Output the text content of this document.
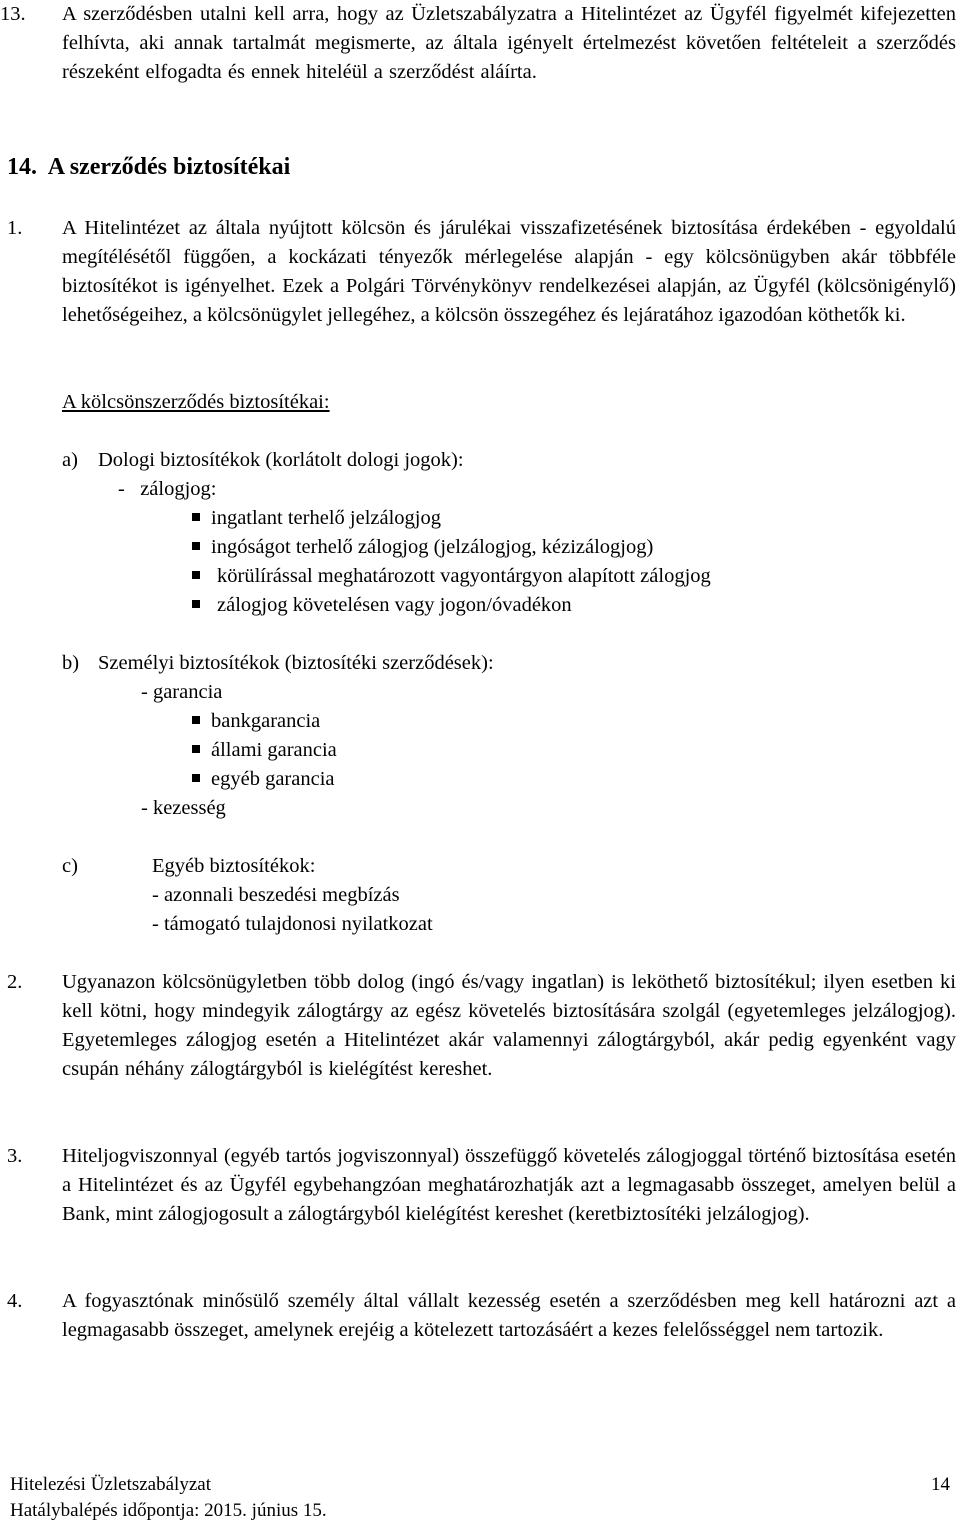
13. A szerződésben utalni kell arra, hogy az Üzletszabályzatra a Hitelintézet az Ügyfél figyelmét kifejezetten felhívta, aki annak tartalmát megismerte, az általa igényelt értelmezést követően feltételeit a szerződés részeként elfogadta és ennek hiteléül a szerződést aláírta.
14. A szerződés biztosítékai
1. A Hitelintézet az általa nyújtott kölcsön és járulékai visszafizetésének biztosítása érdekében - egyoldalú megítélésétől függően, a kockázati tényezők mérlegelése alapján - egy kölcsönügyben akár többféle biztosítékot is igényelhet. Ezek a Polgári Törvénykönyv rendelkezései alapján, az Ügyfél (kölcsönigénylő) lehetőségeihez, a kölcsönügylet jellegéhez, a kölcsön összegéhez és lejáratához igazodóan köthetők ki.
A kölcsönszerződés biztosítékai:
a) Dologi biztosítékok (korlátolt dologi jogok):
-   zálogjog:
ingatlant terhelő jelzálogjog
ingóságot terhelő zálogjog (jelzálogjog, kézizálogjog)
körülírással meghatározott vagyontárgyon alapított zálogjog
zálogjog követelésen vagy jogon/óvadékon
b) Személyi biztosítékok (biztosítéki szerződések):
- garancia
bankgarancia
állami garancia
egyéb garancia
- kezesség
c)	Egyéb biztosítékok:
- azonnali beszedési megbízás
- támogató tulajdonosi nyilatkozat
2. Ugyanazon kölcsönügyletben több dolog (ingó és/vagy ingatlan) is leköthető biztosítékul; ilyen esetben ki kell kötni, hogy mindegyik zálogtárgy az egész követelés biztosítására szolgál (egyetemleges jelzálogjog). Egyetemleges zálogjog esetén a Hitelintézet akár valamennyi zálogtárgyból, akár pedig egyenként vagy csupán néhány zálogtárgyból is kielégítést kereshet.
3. Hiteljogviszonnyal (egyéb tartós jogviszonnyal) összefüggő követelés zálogjoggal történő biztosítása esetén a Hitelintézet és az Ügyfél egybehangzóan meghatározhatják azt a legmagasabb összeget, amelyen belül a Bank, mint zálogjogosult a zálogtárgyból kielégítést kereshet (keretbiztosítéki jelzálogjog).
4. A fogyasztónak minősülő személy által vállalt kezesség esetén a szerződésben meg kell határozni azt a legmagasabb összeget, amelynek erejéig a kötelezett tartozásáért a kezes felelősséggel nem tartozik.
Hitelezési Üzletszabályzat	14
Hatálybalépés időpontja: 2015. június 15.
